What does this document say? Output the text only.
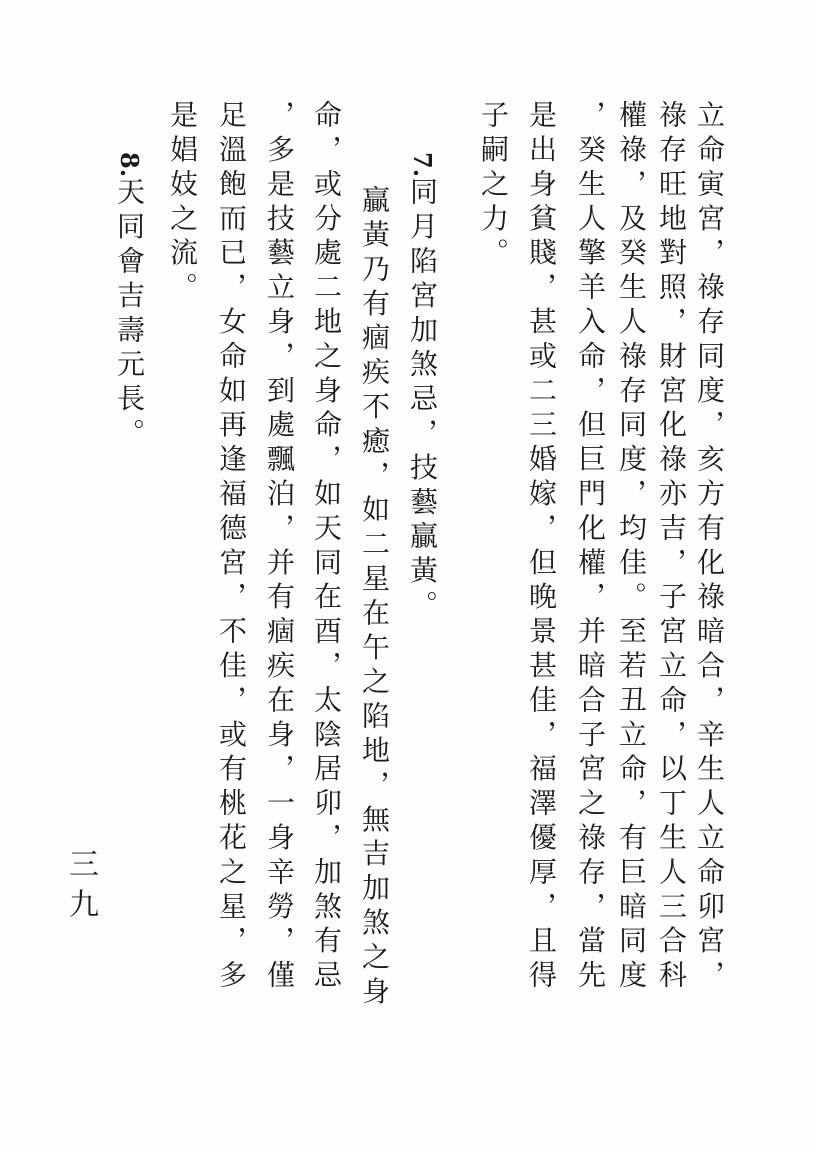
立命寅宮，祿存同度，亥方有化祿暗合，辛生人立命卯宮，
祿存旺地對照，財宮化祿亦吉，子宮立命，以丁生人三合科
權祿，及癸生人祿存同度，均佳。至若丑立命，有巨暗同度
，癸生人擎羊入命，但巨門化權，并暗合子宮之祿存，當先
是出身貧賤，甚或二三婚嫁，但晚景甚佳，福澤優厚，且得
子嗣之力。
7.同月陷宮加煞忌，技藝贏黃。
贏黃乃有痼疾不癒，如二星在午之陷地，無吉加煞之身
命，或分處二地之身命，如天同在酉，太陰居卯，加煞有忌
，多是技藝立身，到處飄泊，并有痼疾在身，一身辛勞，僅
足溫飽而已，女命如再逢福德宮，不佳，或有桃花之星，多
是娼妓之流。
8.天同會吉壽元長。
三九
